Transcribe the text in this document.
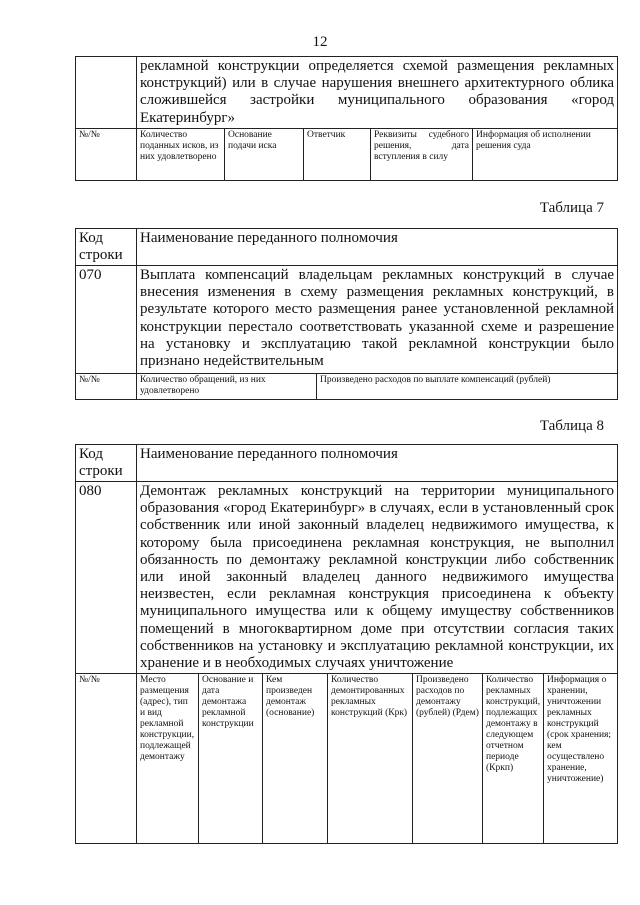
12
	рекламной конструкции определяется схемой размещения рекламных конструкций) или в случае нарушения внешнего архитектурного облика сложившейся застройки муниципального образования «город Екатеринбург»				
№/№	Количество поданных исков, из них удовлетворено	Основание подачи иска	Ответчик	Реквизиты судебного решения, дата вступления в силу	Информация об исполнении решения суда
Таблица 7
Код строки	Наименование переданного полномочия	
070	Выплата компенсаций владельцам рекламных конструкций в случае внесения изменения в схему размещения рекламных конструкций, в результате которого место размещения ранее установленной рекламной конструкции перестало соответствовать указанной схеме и разрешение на установку и эксплуатацию такой рекламной конструкции было признано недействительным	
№/№	Количество обращений, из них удовлетворено	Произведено расходов по выплате компенсаций (рублей)
Таблица 8
Код строки	Наименование переданного полномочия						
080	Демонтаж рекламных конструкций на территории муниципального образования «город Екатеринбург» в случаях, если в установленный срок собственник или иной законный владелец недвижимого имущества, к которому была присоединена рекламная конструкция, не выполнил обязанность по демонтажу рекламной конструкции либо собственник или иной законный владелец данного недвижимого имущества неизвестен, если рекламная конструкция присоединена к объекту муниципального имущества или к общему имуществу собственников помещений в многоквартирном доме при отсутствии согласия таких собственников на установку и эксплуатацию рекламной конструкции, их хранение и в необходимых случаях уничтожение						
№/№	Место размещения (адрес), тип и вид рекламной конструкции, подлежащей демонтажу	Основание и дата демонтажа рекламной конструкции	Кем произведен демонтаж (основание)	Количество демонтированных рекламных конструкций (Крк)	Произведено расходов по демонтажу (рублей) (Рдем)	Количество рекламных конструкций, подлежащих демонтажу в следующем отчетном периоде (Кркп)	Информация о хранении, уничтожении рекламных конструкций (срок хранения; кем осуществлено хранение, уничтожение)
